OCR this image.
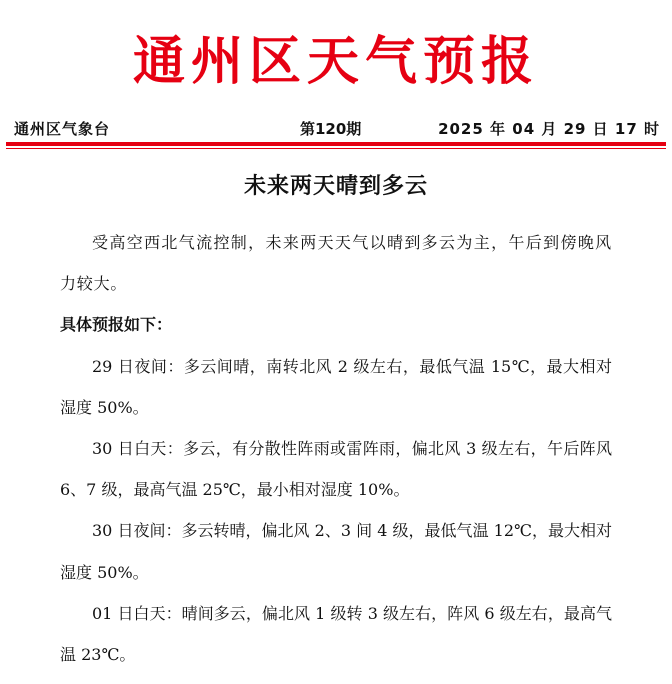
通州区天气预报
通州区气象台	第120期	2025 年 04 月 29 日 17 时
未来两天晴到多云

受高空西北气流控制，未来两天天气以晴到多云为主，午后到傍晚风力较大。

具体预报如下：

29 日夜间：多云间晴，南转北风 2 级左右，最低气温 15℃，最大相对湿度 50%。

30 日白天：多云，有分散性阵雨或雷阵雨，偏北风 3 级左右，午后阵风 6、7 级，最高气温 25℃，最小相对湿度 10%。

30 日夜间：多云转晴，偏北风 2、3 间 4 级，最低气温 12℃，最大相对湿度 50%。

01 日白天：晴间多云，偏北风 1 级转 3 级左右，阵风 6 级左右，最高气温 23℃。
